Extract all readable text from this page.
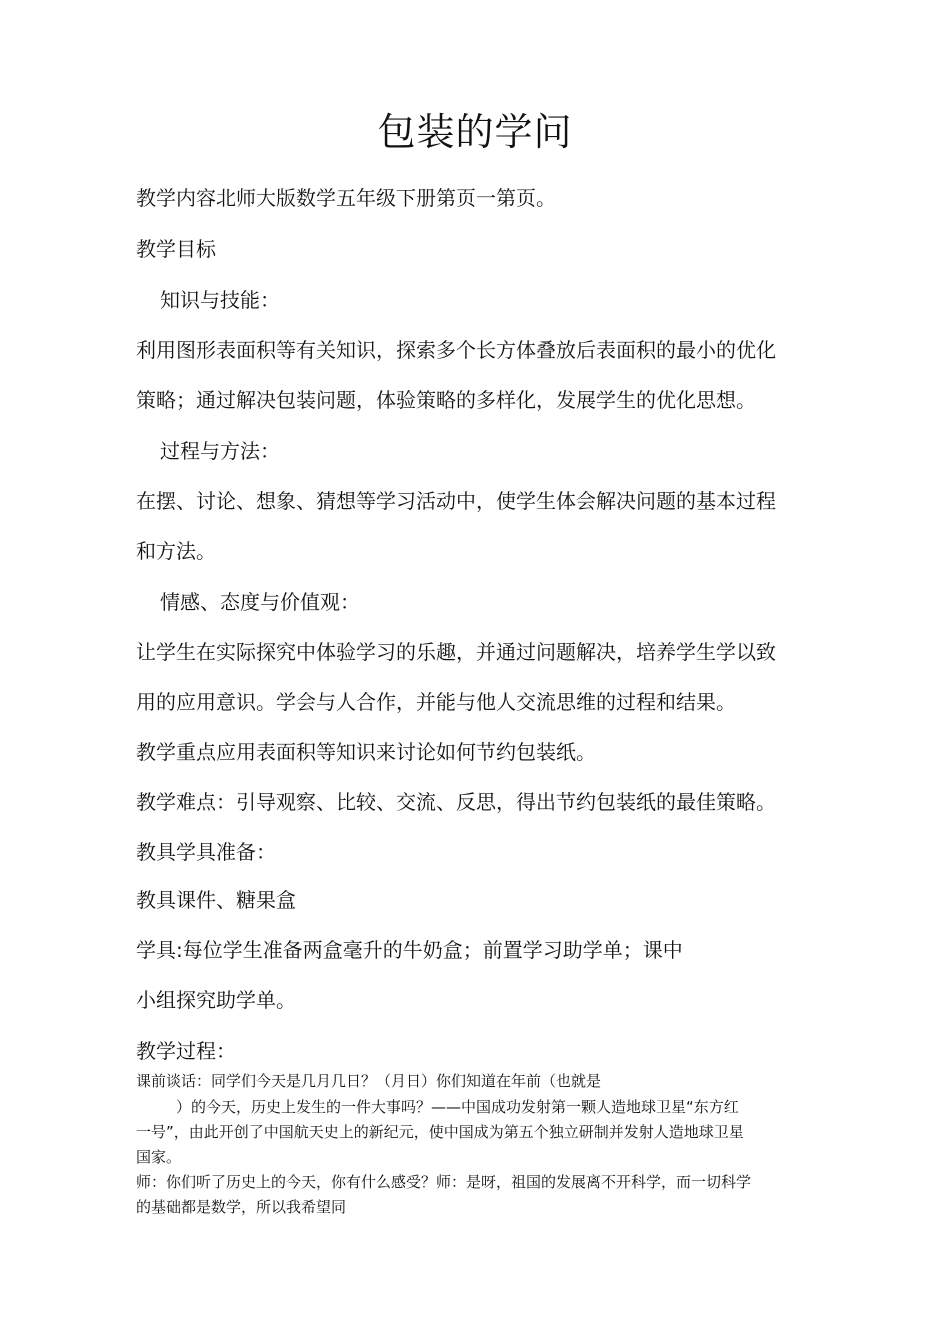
包装的学问
教学内容北师大版数学五年级下册第页一第页。
教学目标
知识与技能：
利用图形表面积等有关知识，探索多个长方体叠放后表面积的最小的优化
策略；通过解决包装问题，体验策略的多样化，发展学生的优化思想。
过程与方法：
在摆、讨论、想象、猜想等学习活动中，使学生体会解决问题的基本过程
和方法。
情感、态度与价值观：
让学生在实际探究中体验学习的乐趣，并通过问题解决，培养学生学以致
用的应用意识。学会与人合作，并能与他人交流思维的过程和结果。
教学重点应用表面积等知识来讨论如何节约包装纸。
教学难点：引导观察、比较、交流、反思，得出节约包装纸的最佳策略。
教具学具准备：
教具课件、糖果盒
学具:每位学生准备两盒毫升的牛奶盒；前置学习助学单；课中
小组探究助学单。
教学过程：
课前谈话：同学们今天是几月几日？（月日）你们知道在年前（也就是
）的今天，历史上发生的一件大事吗？——中国成功发射第一颗人造地球卫星“东方红
一号”，由此开创了中国航天史上的新纪元，使中国成为第五个独立研制并发射人造地球卫星
国家。
师：你们听了历史上的今天，你有什么感受？师：是呀，祖国的发展离不开科学，而一切科学
的基础都是数学，所以我希望同
